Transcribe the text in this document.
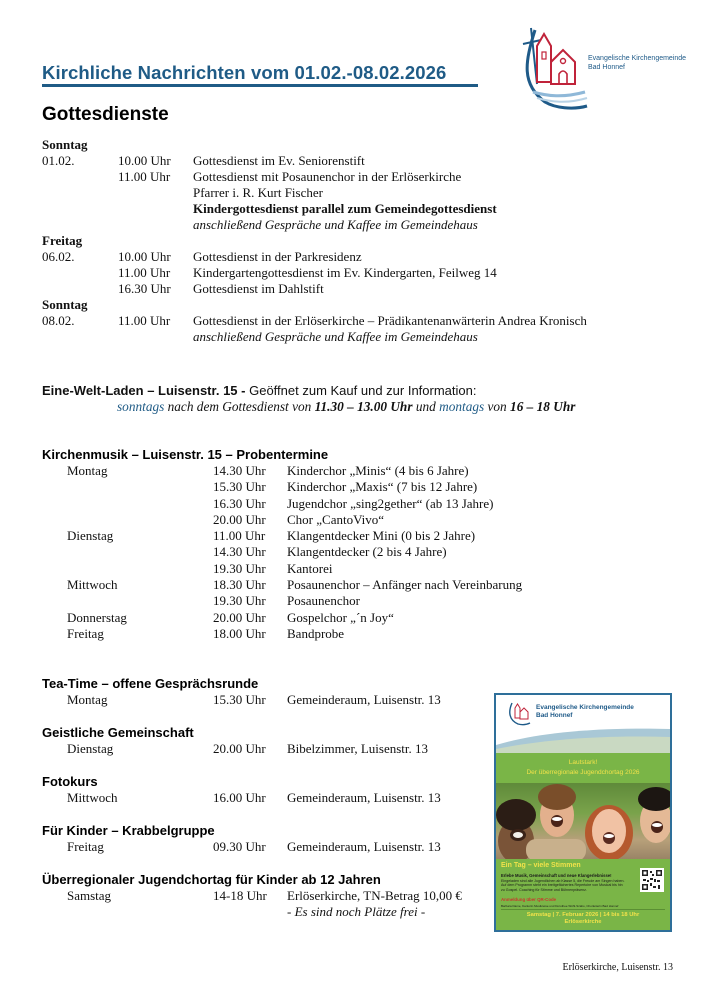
Kirchliche Nachrichten vom 01.02.-08.02.2026
Evangelische Kirchengemeinde
Bad Honnef
Gottesdienste
Sonntag
01.02.	10.00 Uhr Gottesdienst im Ev. Seniorenstift
11.00 Uhr Gottesdienst mit Posaunenchor in der Erlöserkirche
Pfarrer i. R. Kurt Fischer
Kindergottesdienst parallel zum Gemeindegottesdienst
anschließend Gespräche und Kaffee im Gemeindehaus
Freitag
06.02.	10.00 Uhr Gottesdienst in der Parkresidenz
11.00 Uhr Kindergartengottesdienst im Ev. Kindergarten, Feilweg 14
16.30 Uhr Gottesdienst im Dahlstift
Sonntag
08.02.	11.00 Uhr Gottesdienst in der Erlöserkirche – Prädikantenanwärterin Andrea Kronisch
anschließend Gespräche und Kaffee im Gemeindehaus
Eine-Welt-Laden – Luisenstr. 15 - Geöffnet zum Kauf und zur Information:
sonntags nach dem Gottesdienst von 11.30 – 13.00 Uhr und montags von 16 – 18 Uhr
Kirchenmusik – Luisenstr. 15 – Probentermine
Montag	14.30 Uhr Kinderchor „Minis“ (4 bis 6 Jahre)
15.30 Uhr Kinderchor „Maxis“ (7 bis 12 Jahre)
16.30 Uhr Jugendchor „sing2gether“ (ab 13 Jahre)
20.00 Uhr Chor „CantoVivo“
Dienstag	11.00 Uhr Klangentdecker Mini (0 bis 2 Jahre)
14.30 Uhr Klangentdecker (2 bis 4 Jahre)
19.30 Uhr Kantorei
Mittwoch	18.30 Uhr Posaunenchor – Anfänger nach Vereinbarung
19.30 Uhr Posaunenchor
Donnerstag	20.00 Uhr Gospelchor „´n Joy“
Freitag	18.00 Uhr Bandprobe
Tea-Time – offene Gesprächsrunde
Montag	15.30 Uhr Gemeinderaum, Luisenstr. 13
Geistliche Gemeinschaft
Dienstag	20.00 Uhr Bibelzimmer, Luisenstr. 13
Fotokurs
Mittwoch	16.00 Uhr Gemeinderaum, Luisenstr. 13
Für Kinder – Krabbelgruppe
Freitag	09.30 Uhr Gemeinderaum, Luisenstr. 13
Überregionaler Jugendchortag für Kinder ab 12 Jahren
Samstag	14-18 Uhr Erlöserkirche, TN-Betrag 10,00 €
- Es sind noch Plätze frei -
Evangelische Kirchengemeinde
Bad Honnef
Lautstark!
Der überregionale Jugendchortag 2026
Ein Tag – viele Stimmen
Erlebe Musik, Gemeinschaft und neue Klangerlebnisse!
Eingeladen sind alle Jugendlichen ab Klasse 5, die Freude am Singen haben. Auf dem Programm steht ein breitgefächertes Repertoire von Musical bis hin zu Gospel. Coaching für Stimme und Bühnenpräsenz.
Anmeldung über QR-Code
Barbara Dame, Kantorin Musikreise und Dorothee Wöhl-Szabo, Chorleiterin Bad Honnef
Samstag | 7. Februar 2026 | 14 bis 18 Uhr
Erlöserkirche
Erlöserkirche, Luisenstr. 13
